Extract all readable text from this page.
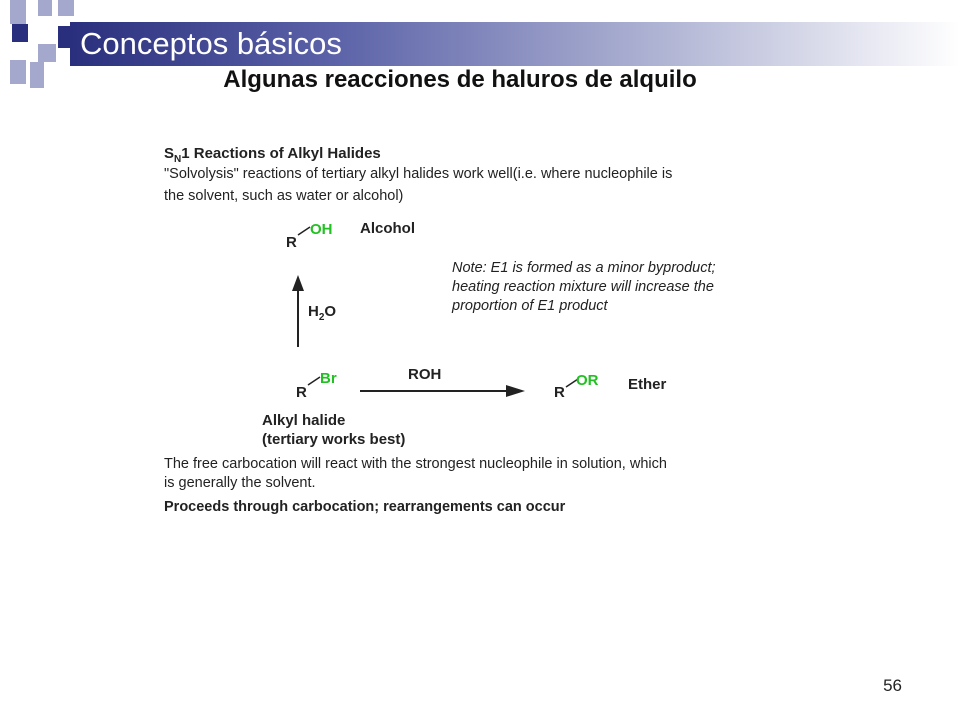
Conceptos básicos
Algunas reacciones de haluros de alquilo
$S_N1$ Reactions of Alkyl Halides
"Solvolysis" reactions of tertiary alkyl halides work well(i.e. where nucleophile is
the solvent, such as water or alcohol)
R
OH Alcohol
Note: E1 is formed as a minor byproduct;
heating reaction mixture will increase the
proportion of E1 product
$H_2O$
R
Br	ROH
R
OR Ether
Alkyl halide
(tertiary works best)
The free carbocation will react with the strongest nucleophile in solution, which
is generally the solvent.
Proceeds through carbocation; rearrangements can occur
56
